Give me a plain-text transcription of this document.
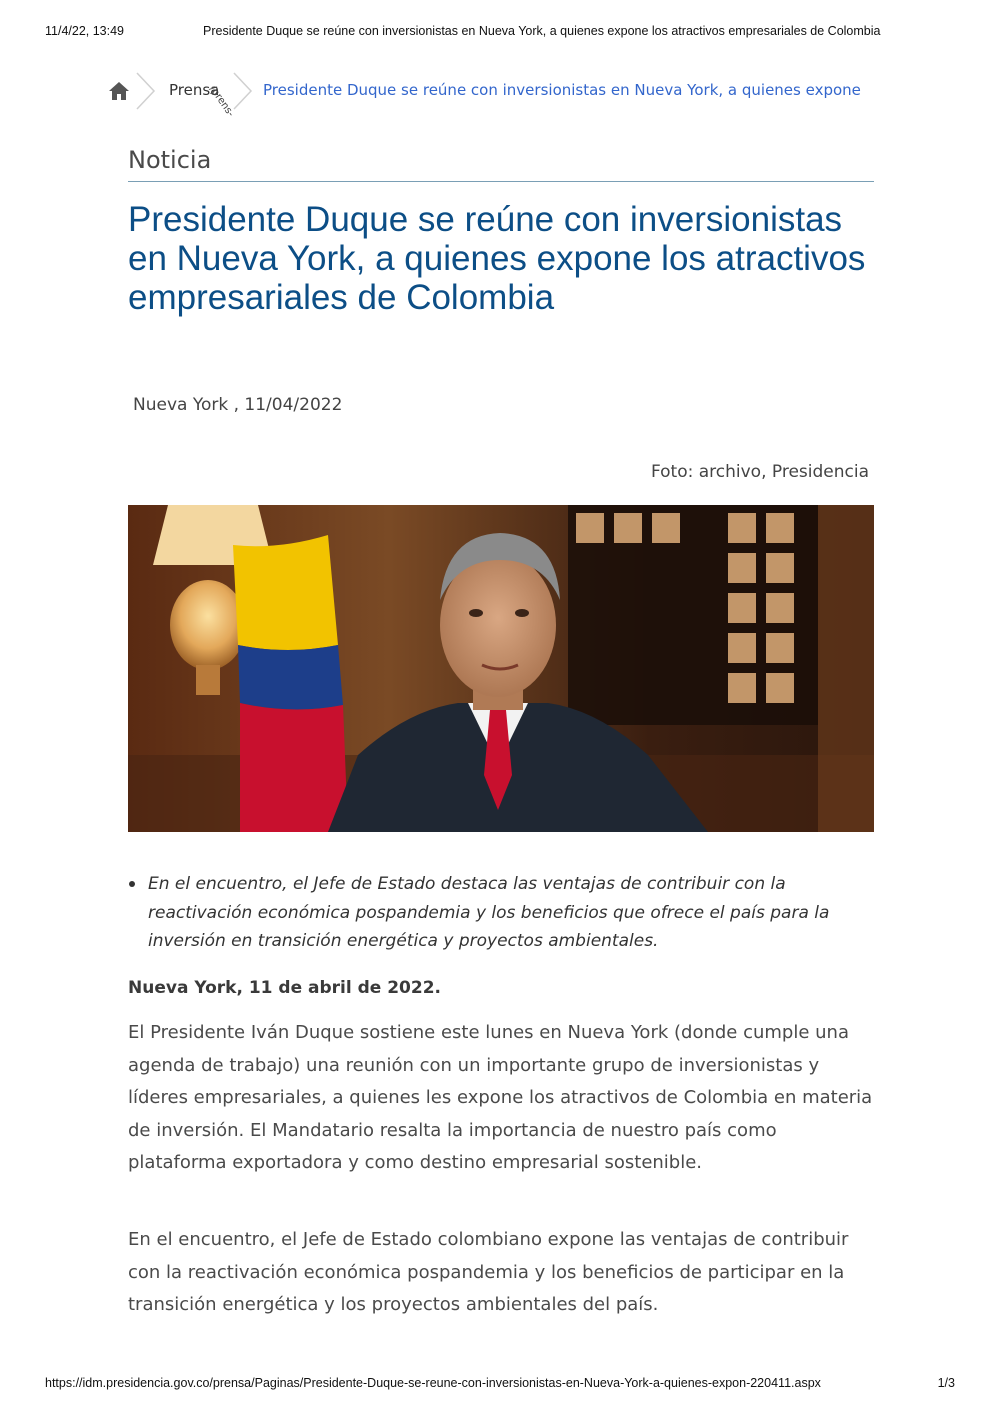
11/4/22, 13:49	Presidente Duque se reúne con inversionistas en Nueva York, a quienes expone los atractivos empresariales de Colombia
Prensa
/prens- Presidente Duque se reúne con inversionistas en Nueva York, a quienes expone
Noticia
Presidente Duque se reúne con inversionistas en Nueva York, a quienes expone los atractivos empresariales de Colombia
Nueva York , 11/04/2022
Foto: archivo, Presidencia
En el encuentro, el Jefe de Estado destaca las ventajas de contribuir con la reactivación económica pospandemia y los beneficios que ofrece el país para la inversión en transición energética y proyectos ambientales.
Nueva York, 11 de abril de 2022.

El Presidente Iván Duque sostiene este lunes en Nueva York (donde cumple una agenda de trabajo) una reunión con un importante grupo de inversionistas y líderes empresariales, a quienes les expone los atractivos de Colombia en materia de inversión. El Mandatario resalta la importancia de nuestro país como plataforma exportadora y como destino empresarial sostenible.

En el encuentro, el Jefe de Estado colombiano expone las ventajas de contribuir con la reactivación económica pospandemia y los beneficios de participar en la transición energética y los proyectos ambientales del país.

https://idm.presidencia.gov.co/prensa/Paginas/Presidente-Duque-se-reune-con-inversionistas-en-Nueva-York-a-quienes-expon-220411.aspx	1/3
